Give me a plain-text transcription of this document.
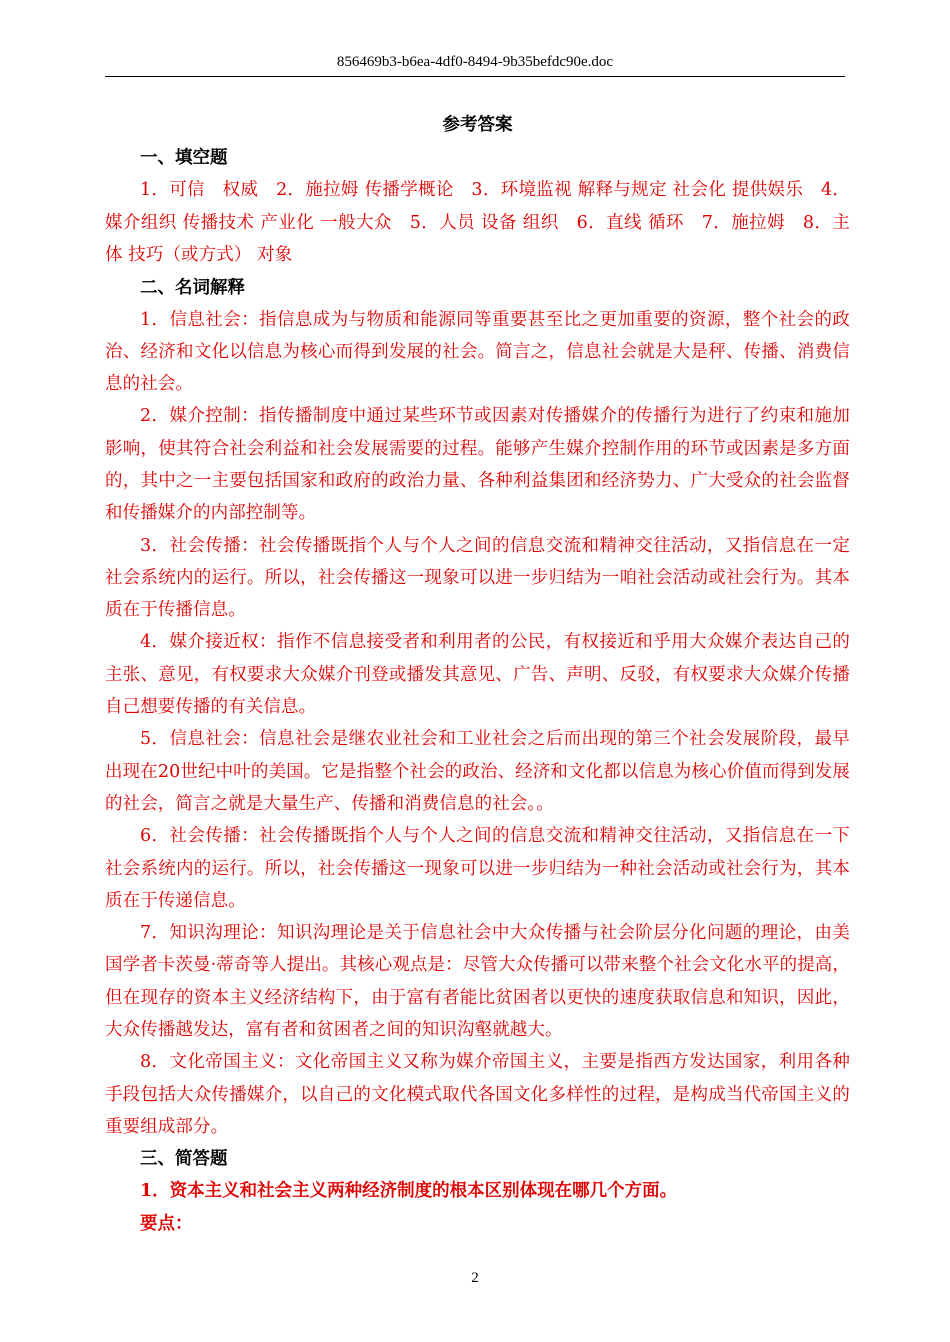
856469b3-b6ea-4df0-8494-9b35befdc90e.doc
参考答案
一、填空题
1．可信　权威　2．施拉姆 传播学概论　3．环境监视 解释与规定 社会化 提供娱乐　4．媒介组织 传播技术 产业化 一般大众　5．人员 设备 组织　6．直线 循环　7．施拉姆　8．主体 技巧（或方式） 对象
二、名词解释
1．信息社会：指信息成为与物质和能源同等重要甚至比之更加重要的资源，整个社会的政治、经济和文化以信息为核心而得到发展的社会。简言之，信息社会就是大是秤、传播、消费信息的社会。
2．媒介控制：指传播制度中通过某些环节或因素对传播媒介的传播行为进行了约束和施加影响，使其符合社会利益和社会发展需要的过程。能够产生媒介控制作用的环节或因素是多方面的，其中之一主要包括国家和政府的政治力量、各种利益集团和经济势力、广大受众的社会监督和传播媒介的内部控制等。
3．社会传播：社会传播既指个人与个人之间的信息交流和精神交往活动，又指信息在一定社会系统内的运行。所以，社会传播这一现象可以进一步归结为一咱社会活动或社会行为。其本质在于传播信息。
4．媒介接近权：指作不信息接受者和利用者的公民，有权接近和乎用大众媒介表达自己的主张、意见，有权要求大众媒介刊登或播发其意见、广告、声明、反驳，有权要求大众媒介传播自己想要传播的有关信息。
5．信息社会：信息社会是继农业社会和工业社会之后而出现的第三个社会发展阶段，最早出现在20世纪中叶的美国。它是指整个社会的政治、经济和文化都以信息为核心价值而得到发展的社会，简言之就是大量生产、传播和消费信息的社会。。
6．社会传播：社会传播既指个人与个人之间的信息交流和精神交往活动，又指信息在一下社会系统内的运行。所以，社会传播这一现象可以进一步归结为一种社会活动或社会行为，其本质在于传递信息。
7．知识沟理论：知识沟理论是关于信息社会中大众传播与社会阶层分化问题的理论，由美国学者卡茨曼·蒂奇等人提出。其核心观点是：尽管大众传播可以带来整个社会文化水平的提高，但在现存的资本主义经济结构下，由于富有者能比贫困者以更快的速度获取信息和知识，因此，大众传播越发达，富有者和贫困者之间的知识沟壑就越大。
8．文化帝国主义：文化帝国主义又称为媒介帝国主义，主要是指西方发达国家，利用各种手段包括大众传播媒介，以自己的文化模式取代各国文化多样性的过程，是构成当代帝国主义的重要组成部分。
三、简答题
1．资本主义和社会主义两种经济制度的根本区别体现在哪几个方面。
要点：
2
